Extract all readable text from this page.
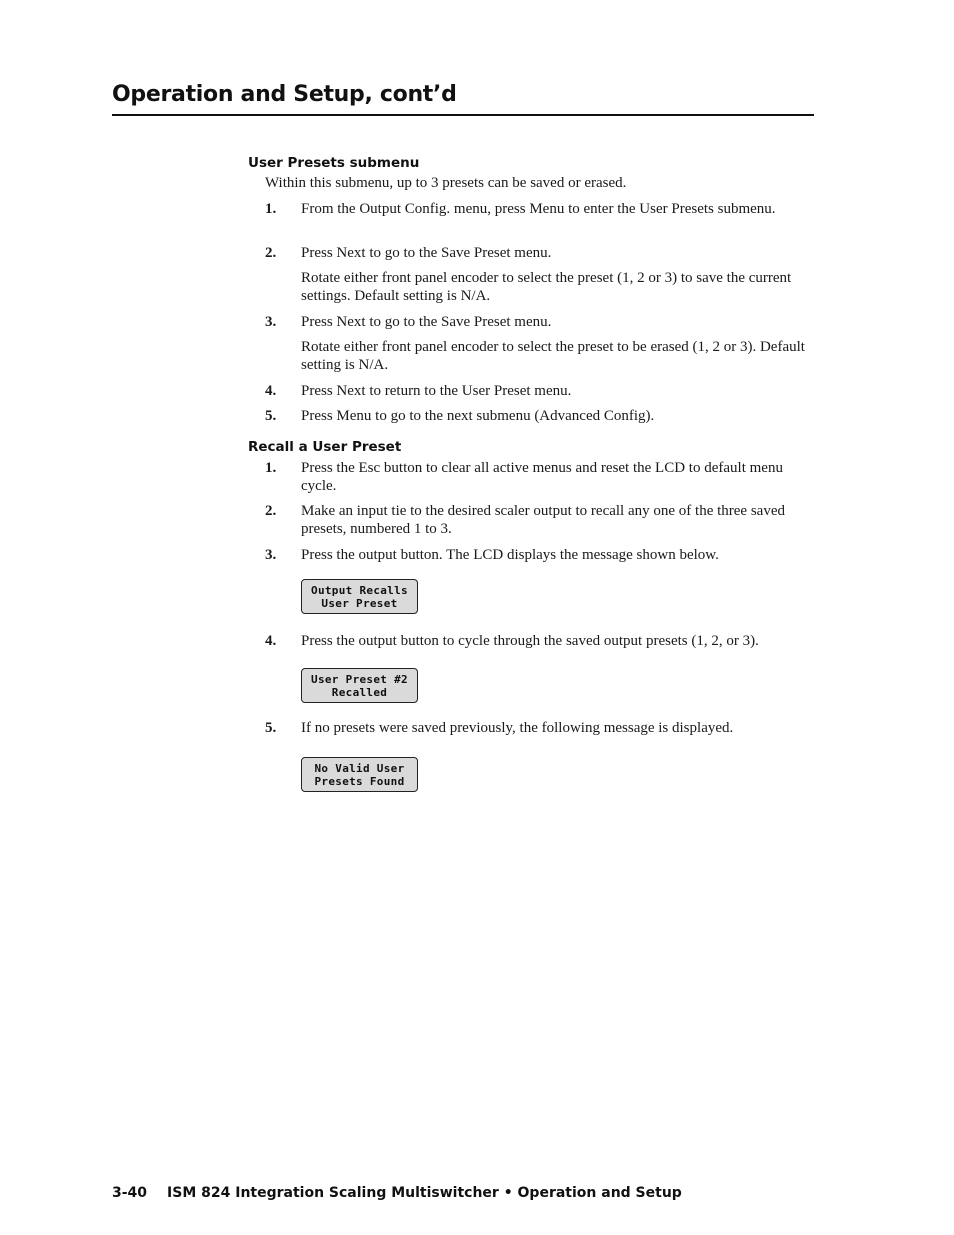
Operation and Setup, cont’d
User Presets submenu

Within this submenu, up to 3 presets can be saved or erased.

1. From the Output Config. menu, press Menu to enter the User Presets submenu.

2. Press Next to go to the Save Preset menu.

Rotate either front panel encoder to select the preset (1, 2 or 3) to save the current settings. Default setting is N/A.

3. Press Next to go to the Save Preset menu.

Rotate either front panel encoder to select the preset to be erased (1, 2 or 3). Default setting is N/A.

4. Press Next to return to the User Preset menu.

5. Press Menu to go to the next submenu (Advanced Config).

Recall a User Preset
1. Press the Esc button to clear all active menus and reset the LCD to default menu cycle.

2. Make an input tie to the desired scaler output to recall any one of the three saved presets, numbered 1 to 3.

3. Press the output button. The LCD displays the message shown below.

Output Recalls
User Preset
4. Press the output button to cycle through the saved output presets (1, 2, or 3).

User Preset #2
Recalled
5. If no presets were saved previously, the following message is displayed.

No Valid User
Presets Found
3-40 ISM 824 Integration Scaling Multiswitcher • Operation and Setup
